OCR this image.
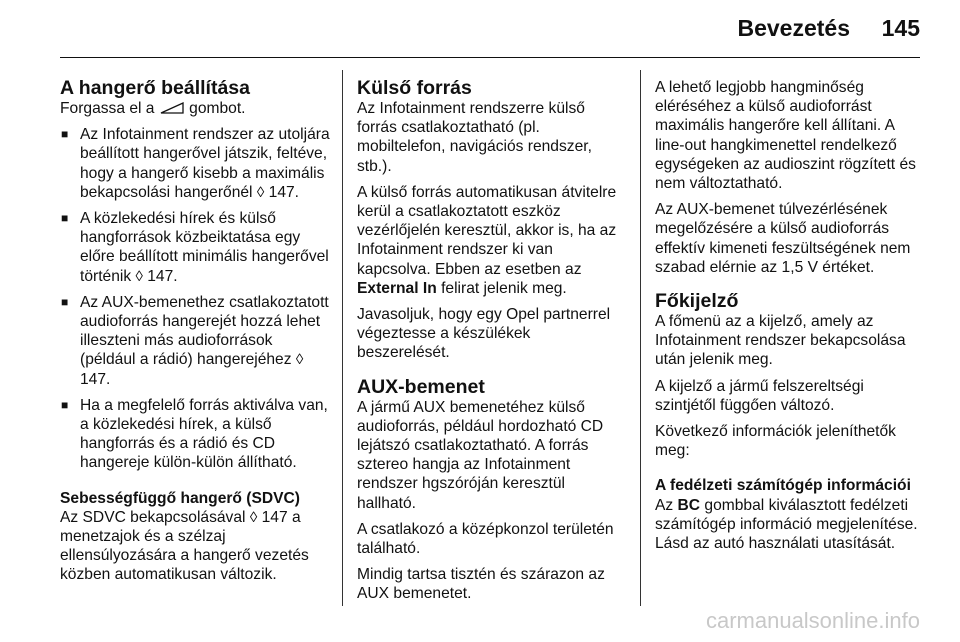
Bevezetés 145
A hangerő beállítása

Forgassa el a gombot.

■ Az Infotainment rendszer az utoljára beállított hangerővel játszik, feltéve, hogy a hangerő kisebb a maximális bekapcsolási hangerőnél ◊ 147.
■ A közlekedési hírek és külső hangforrások közbeiktatása egy előre beállított minimális hangerővel történik ◊ 147.
■ Az AUX-bemenethez csatlakoztatott audioforrás hangerejét hozzá lehet illeszteni más audioforrások (például a rádió) hangerejéhez ◊ 147.
■ Ha a megfelelő forrás aktiválva van, a közlekedési hírek, a külső hangforrás és a rádió és CD hangereje külön-külön állítható.
Sebességfüggő hangerő (SDVC)

Az SDVC bekapcsolásával ◊ 147 a menetzajok és a szélzaj ellensúlyozására a hangerő vezetés közben automatikusan változik.

Külső forrás

Az Infotainment rendszerre külső forrás csatlakoztatható (pl. mobiltelefon, navigációs rendszer, stb.).

A külső forrás automatikusan átvitelre kerül a csatlakoztatott eszköz vezérlőjelén keresztül, akkor is, ha az Infotainment rendszer ki van kapcsolva. Ebben az esetben az External In felirat jelenik meg.

Javasoljuk, hogy egy Opel partnerrel végeztesse a készülékek beszerelését.

AUX-bemenet

A jármű AUX bemenetéhez külső audioforrás, például hordozható CD lejátszó csatlakoztatható. A forrás sztereo hangja az Infotainment rendszer hgszóróján keresztül hallható.

A csatlakozó a középkonzol területén található.

Mindig tartsa tisztén és szárazon az AUX bemenetet.

A lehető legjobb hangminőség eléréséhez a külső audioforrást maximális hangerőre kell állítani. A line-out hangkimenettel rendelkező egységeken az audioszint rögzített és nem változtatható.

Az AUX-bemenet túlvezérlésének megelőzésére a külső audioforrás effektív kimeneti feszültségének nem szabad elérnie az 1,5 V értéket.

Főkijelző

A főmenü az a kijelző, amely az Infotainment rendszer bekapcsolása után jelenik meg.

A kijelző a jármű felszereltségi szintjétől függően változó.

Következő információk jeleníthetők meg:

A fedélzeti számítógép információi

Az BC gombbal kiválasztott fedélzeti számítógép információ megjelenítése. Lásd az autó használati utasítását.

carmanualsonline.info
